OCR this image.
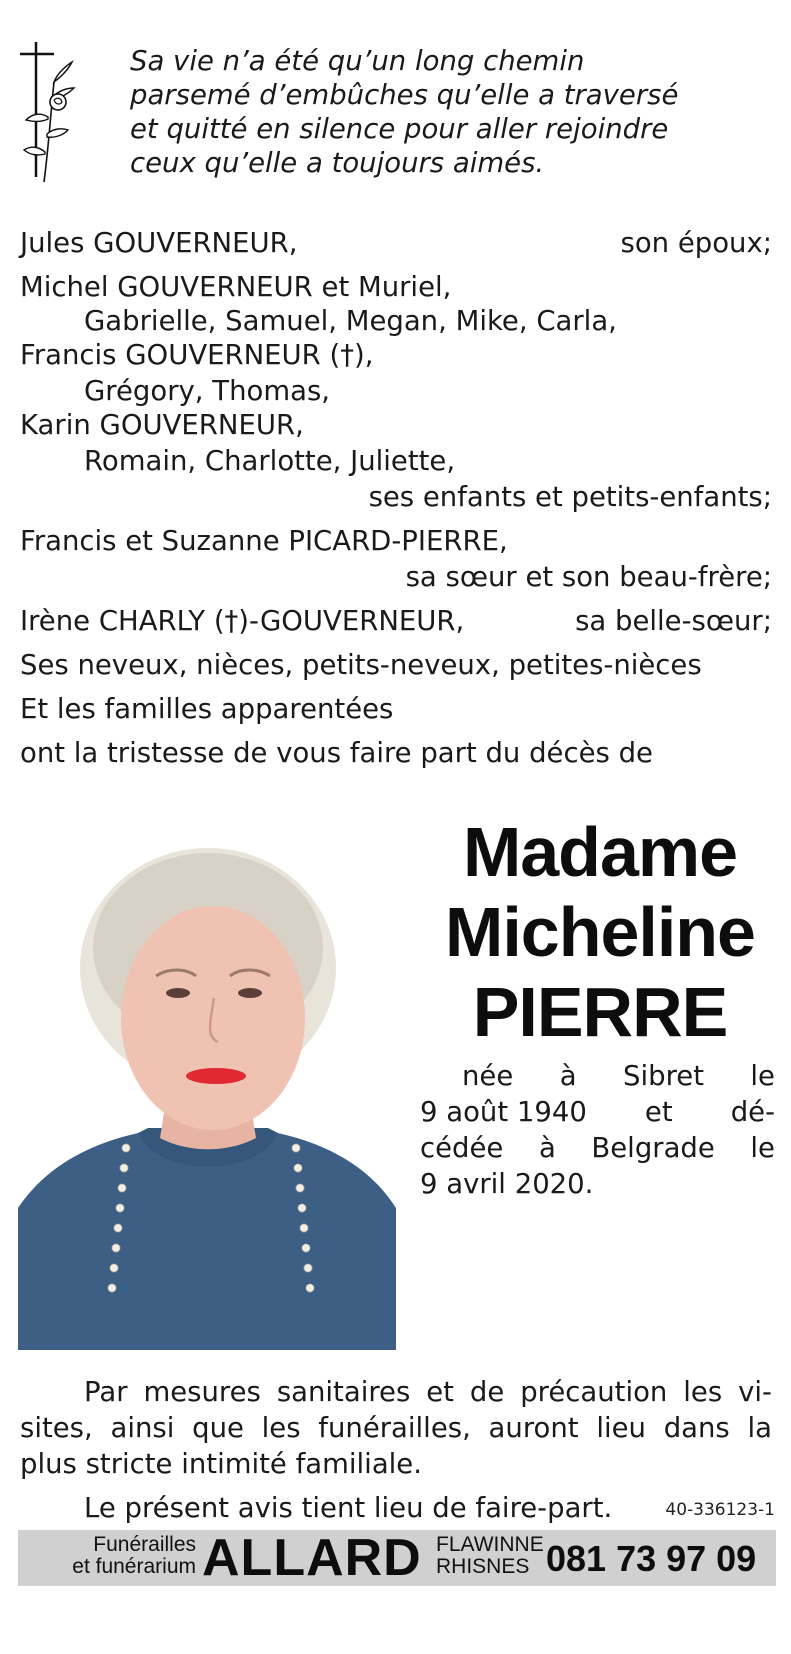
Sa vie n’a été qu’un long chemin
parsemé d’embûches qu’elle a traversé
et quitté en silence pour aller rejoindre
ceux qu’elle a toujours aimés.
Jules GOUVERNEUR,	son époux;
Michel GOUVERNEUR et Muriel,
Gabrielle, Samuel, Megan, Mike, Carla,
Francis GOUVERNEUR (†),
Grégory, Thomas,
Karin GOUVERNEUR,
Romain, Charlotte, Juliette,
ses enfants et petits-enfants;
Francis et Suzanne PICARD-PIERRE,
sa sœur et son beau-frère;
Irène CHARLY (†)-GOUVERNEUR,	sa belle-sœur;
Ses neveux, nièces, petits-neveux, petites-nièces
Et les familles apparentées
ont la tristesse de vous faire part du décès de
Madame
Micheline
PIERRE
née à Sibret le
9 août 1940 et dé-
cédée à Belgrade le
9 avril 2020.
Par mesures sanitaires et de précaution les vi-
sites, ainsi que les funérailles, auront lieu dans la
plus stricte intimité familiale.
Le présent avis tient lieu de faire-part.	40-336123-1
Funérailles
et funérarium ALLARD FLAWINNE
RHISNES 081 73 97 09
